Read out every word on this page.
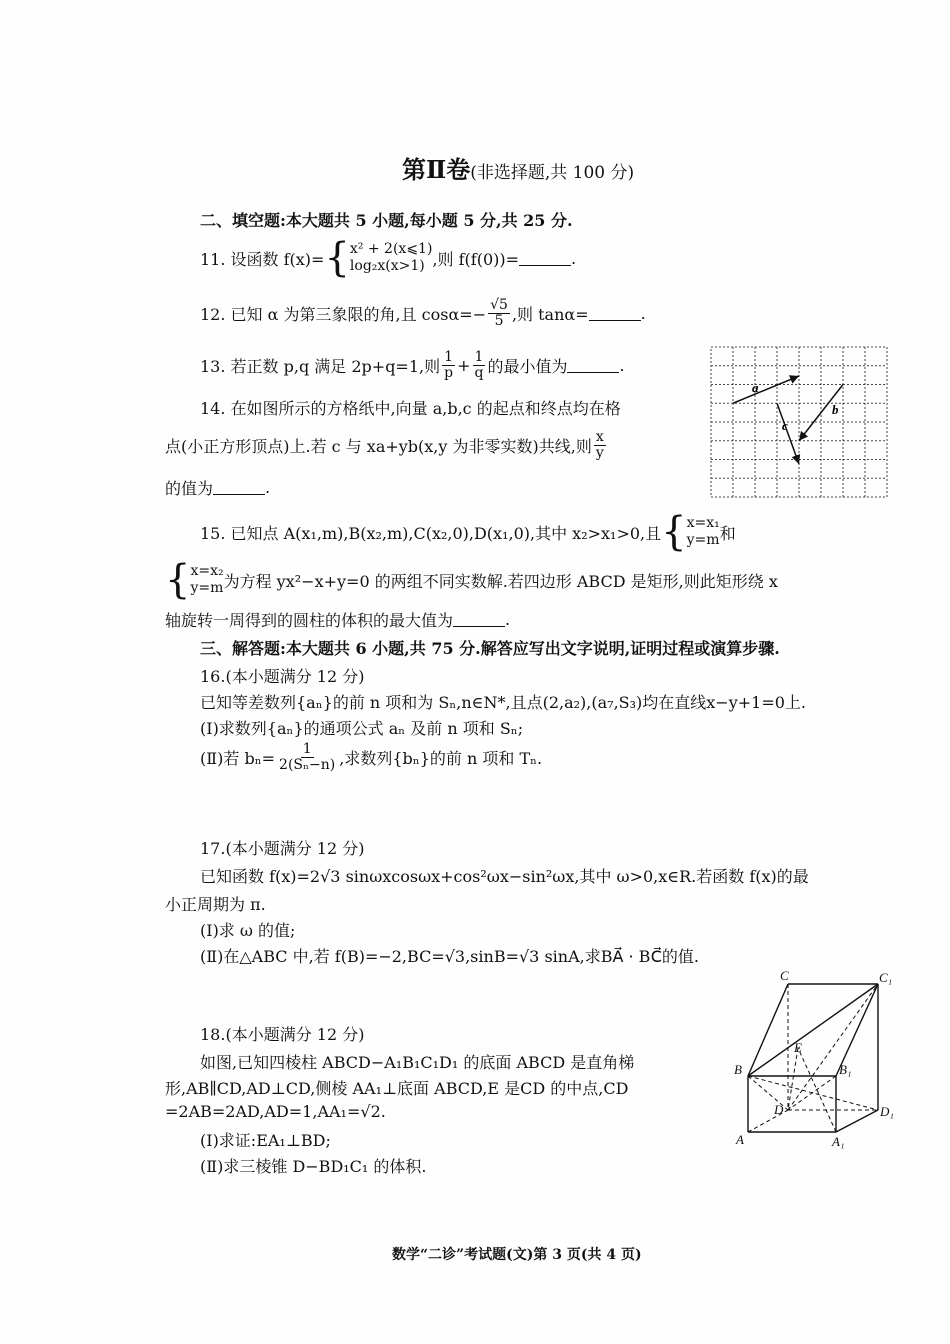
第Ⅱ卷(非选择题,共 100 分)
二、填空题:本大题共 5 小题,每小题 5 分,共 25 分.
11. 设函数 f(x)= { x² + 2(x⩽1)
log₂x(x>1) ,则 f(f(0))=	.
12. 已知 α 为第三象限的角,且 $\cos\alpha=- \frac{√5}{5}$ ,则 tanα=	.
13. 若正数 p,q 满足 2p+q=1,则 $\frac{1}{p} + \frac{1}{q}$ 的最小值为	.
14. 在如图所示的方格纸中,向量 a,b,c 的起点和终点均在格
点(小正方形顶点)上.若 c 与 xa+yb(x,y 为非零实数)共线,则 $\frac{x}{y}$
的值为	.
a
b
c
15. 已知点 A(x₁,m),B(x₂,m),C(x₂,0),D(x₁,0),其中 x₂>x₁>0,且 { x=x₁
y=m 和
{ x=x₂
y=m 为方程 yx²−x+y=0 的两组不同实数解.若四边形 ABCD 是矩形,则此矩形绕 x
轴旋转一周得到的圆柱的体积的最大值为	.
三、解答题:本大题共 6 小题,共 75 分.解答应写出文字说明,证明过程或演算步骤.
16.(本小题满分 12 分)
已知等差数列{aₙ}的前 n 项和为 Sₙ,n∈N*,且点(2,a₂),(a₇,S₃)均在直线x−y+1=0上.
(Ⅰ)求数列{aₙ}的通项公式 aₙ 及前 n 项和 Sₙ;
(Ⅱ)若 $b_n= \frac{1}{\text{2(Sₙ−n)}}$ ,求数列{bₙ}的前 n 项和 Tₙ.
17.(本小题满分 12 分)
已知函数 f(x)=2√3 sinωxcosωx+cos²ωx−sin²ωx,其中 ω>0,x∈R.若函数 f(x)的最
小正周期为 π.
(Ⅰ)求 ω 的值;
(Ⅱ)在△ABC 中,若 f(B)=−2,BC=√3,sinB=√3 sinA,求BA⃗ · BC⃗的值.
18.(本小题满分 12 分)
如图,已知四棱柱 ABCD−A₁B₁C₁D₁ 的底面 ABCD 是直角梯
形,AB∥CD,AD⊥CD,侧棱 AA₁⊥底面 ABCD,E 是CD 的中点,CD
=2AB=2AD,AD=1,AA₁=√2.
(Ⅰ)求证:EA₁⊥BD;
(Ⅱ)求三棱锥 D−BD₁C₁ 的体积.
C	C₁
E
B	B₁
D	D₁
A	A₁
数学“二诊”考试题(文)第 3 页(共 4 页)
